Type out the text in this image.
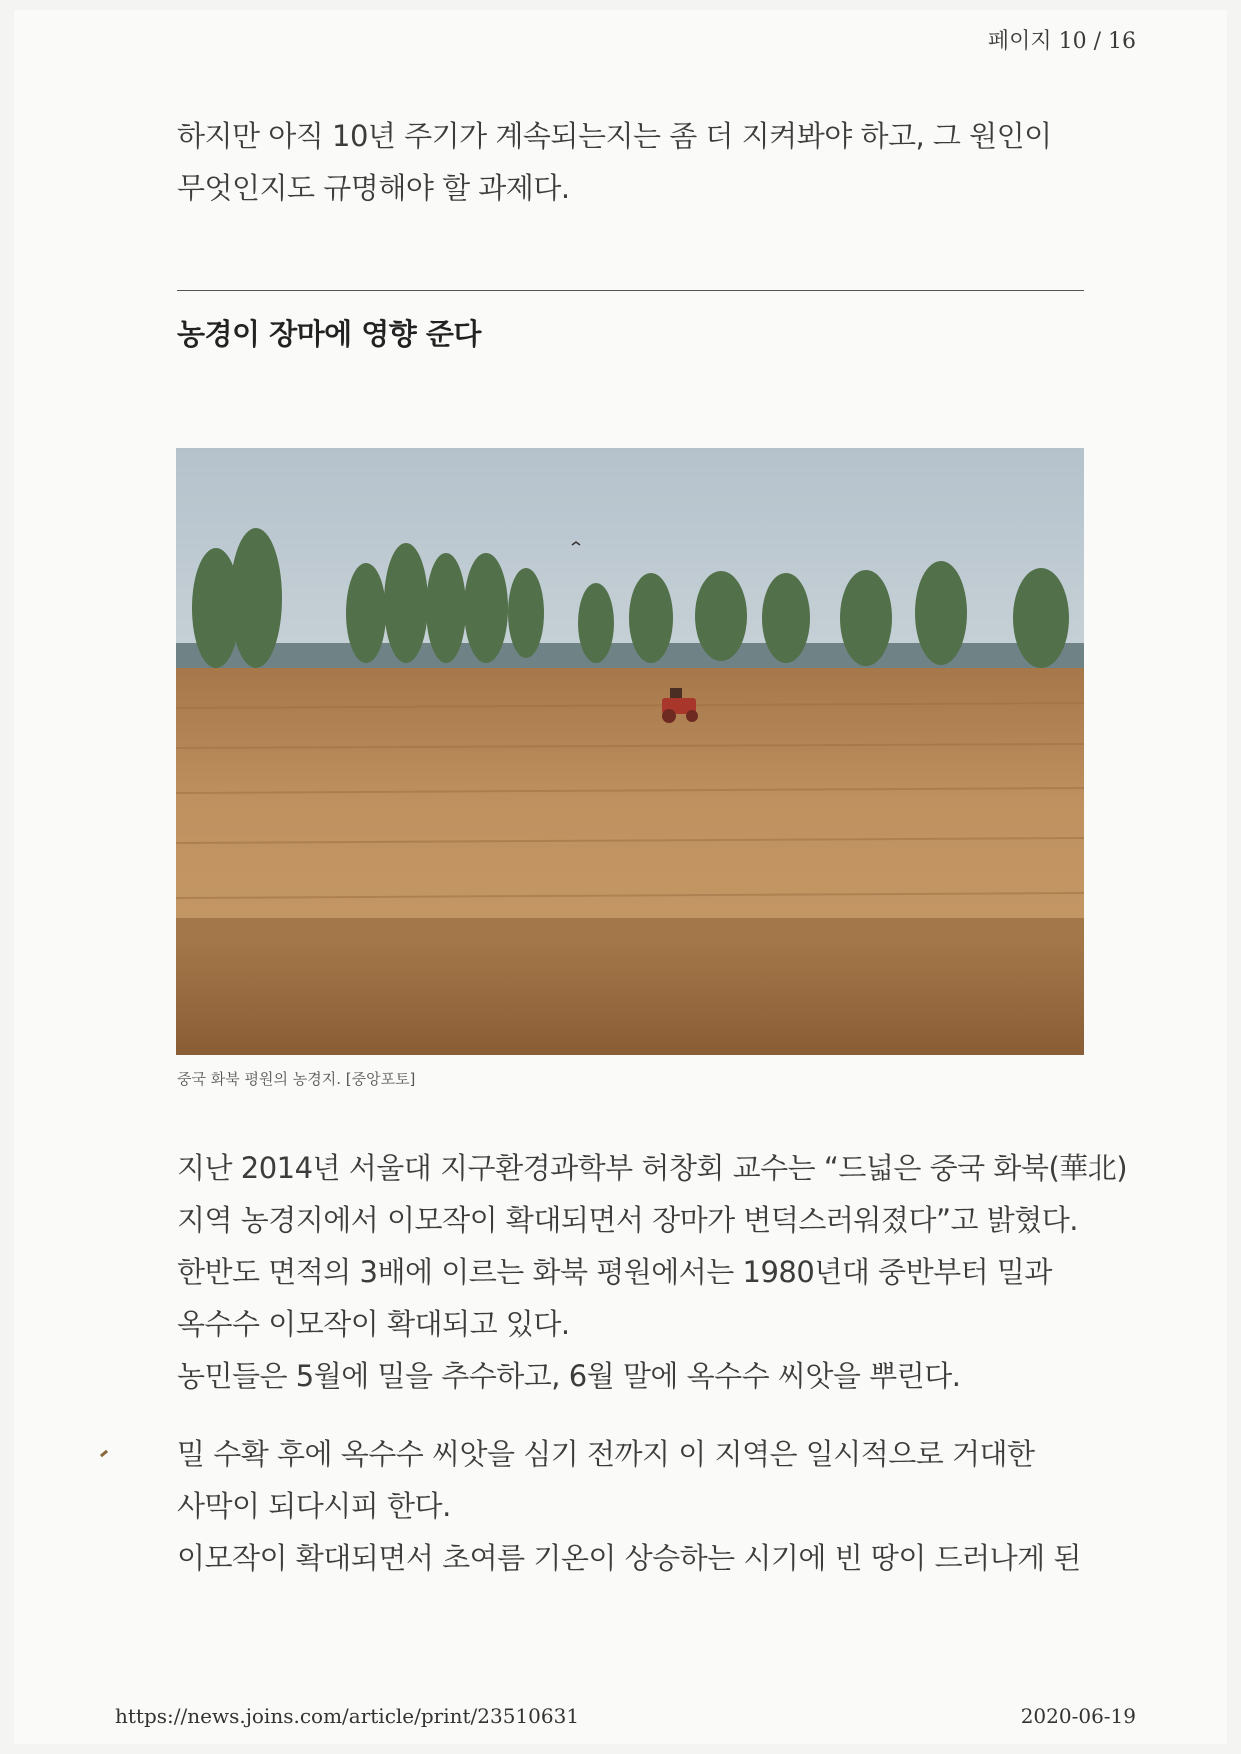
페이지 10 / 16
하지만 아직 10년 주기가 계속되는지는 좀 더 지켜봐야 하고, 그 원인이
무엇인지도 규명해야 할 과제다.
농경이 장마에 영향 준다
중국 화북 평원의 농경지. [중앙포토]
지난 2014년 서울대 지구환경과학부 허창회 교수는 “드넓은 중국 화북(華北)
지역 농경지에서 이모작이 확대되면서 장마가 변덕스러워졌다”고 밝혔다.
한반도 면적의 3배에 이르는 화북 평원에서는 1980년대 중반부터 밀과
옥수수 이모작이 확대되고 있다.
농민들은 5월에 밀을 추수하고, 6월 말에 옥수수 씨앗을 뿌린다.
밀 수확 후에 옥수수 씨앗을 심기 전까지 이 지역은 일시적으로 거대한
사막이 되다시피 한다.
이모작이 확대되면서 초여름 기온이 상승하는 시기에 빈 땅이 드러나게 된
https://news.joins.com/article/print/23510631	2020-06-19
